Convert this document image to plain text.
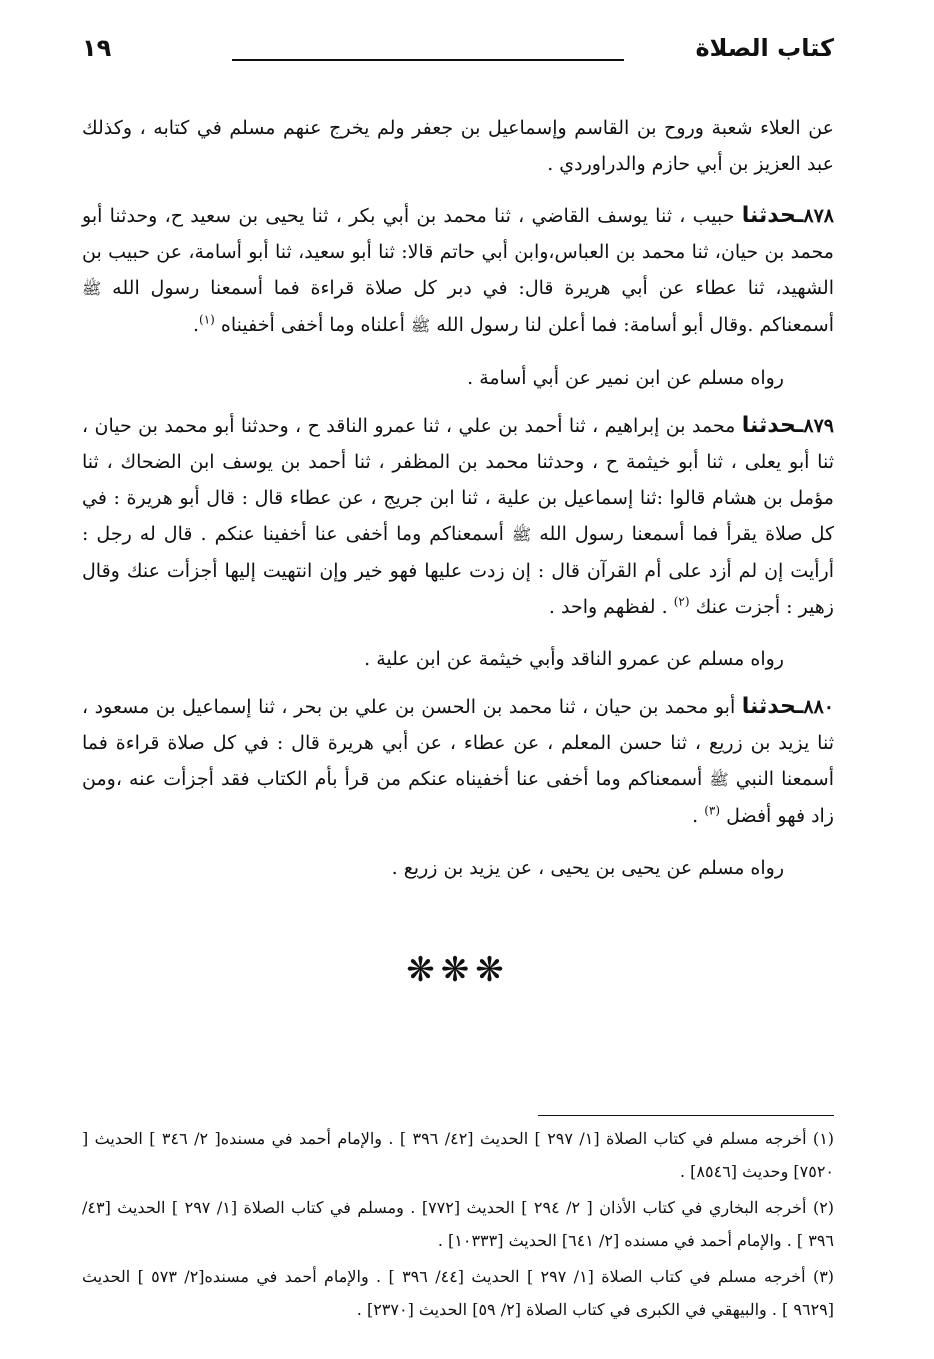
كتاب الصلاة
١٩

عن العلاء شعبة وروح بن القاسم وإسماعيل بن جعفر ولم يخرج عنهم مسلم في كتابه ، وكذلك عبد العزيز بن أبي حازم والدراوردي .

٨٧٨ـحدثنا حبيب ، ثنا يوسف القاضي ، ثنا محمد بن أبي بكر ، ثنا يحيى بن سعيد ح، وحدثنا أبو محمد بن حيان، ثنا محمد بن العباس،وابن أبي حاتم قالا: ثنا أبو سعيد، ثنا أبو أسامة، عن حبيب بن الشهيد، ثنا عطاء عن أبي هريرة قال: في دبر كل صلاة قراءة فما أسمعنا رسول الله ﷺ أسمعناكم .وقال أبو أسامة: فما أعلن لنا رسول الله ﷺ أعلناه وما أخفى أخفيناه $^{(١)}$.

رواه مسلم عن ابن نمير عن أبي أسامة .

٨٧٩ـحدثنا محمد بن إبراهيم ، ثنا أحمد بن علي ، ثنا عمرو الناقد ح ، وحدثنا أبو محمد بن حيان ، ثنا أبو يعلى ، ثنا أبو خيثمة ح ، وحدثنا محمد بن المظفر ، ثنا أحمد بن يوسف ابن الضحاك ، ثنا مؤمل بن هشام قالوا :ثنا إسماعيل بن علية ، ثنا ابن جريج ، عن عطاء قال : قال أبو هريرة : في كل صلاة يقرأ فما أسمعنا رسول الله ﷺ أسمعناكم وما أخفى عنا أخفينا عنكم . قال له رجل : أرأيت إن لم أزد على أم القرآن قال : إن زدت عليها فهو خير وإن انتهيت إليها أجزأت عنك وقال زهير : أجزت عنك $^{(٢)}$ . لفظهم واحد .

رواه مسلم عن عمرو الناقد وأبي خيثمة عن ابن علية .

٨٨٠ـحدثنا أبو محمد بن حيان ، ثنا محمد بن الحسن بن علي بن بحر ، ثنا إسماعيل بن مسعود ، ثنا يزيد بن زريع ، ثنا حسن المعلم ، عن عطاء ، عن أبي هريرة قال : في كل صلاة قراءة فما أسمعنا النبي ﷺ أسمعناكم وما أخفى عنا أخفيناه عنكم من قرأ بأم الكتاب فقد أجزأت عنه ،ومن زاد فهو أفضل $^{(٣)}$ .

رواه مسلم عن يحيى بن يحيى ، عن يزيد بن زريع .

❋❋❋

(١) أخرجه مسلم في كتاب الصلاة [١/ ٢٩٧ ] الحديث [٤٢/ ٣٩٦ ] . والإمام أحمد في مسنده[ ٢/ ٣٤٦ ] الحديث [ ٧٥٢٠] وحديث [٨٥٤٦] .

(٢) أخرجه البخاري في كتاب الأذان [ ٢/ ٢٩٤ ] الحديث [٧٧٢] . ومسلم في كتاب الصلاة [١/ ٢٩٧ ] الحديث [٤٣/ ٣٩٦ ] . والإمام أحمد في مسنده [٢/ ٦٤١] الحديث [١٠٣٣٣] .

(٣) أخرجه مسلم في كتاب الصلاة [١/ ٢٩٧ ] الحديث [٤٤/ ٣٩٦ ] . والإمام أحمد في مسنده[٢/ ٥٧٣ ] الحديث [٩٦٢٩ ] . والبيهقي في الكبرى في كتاب الصلاة [٢/ ٥٩] الحديث [٢٣٧٠] .
